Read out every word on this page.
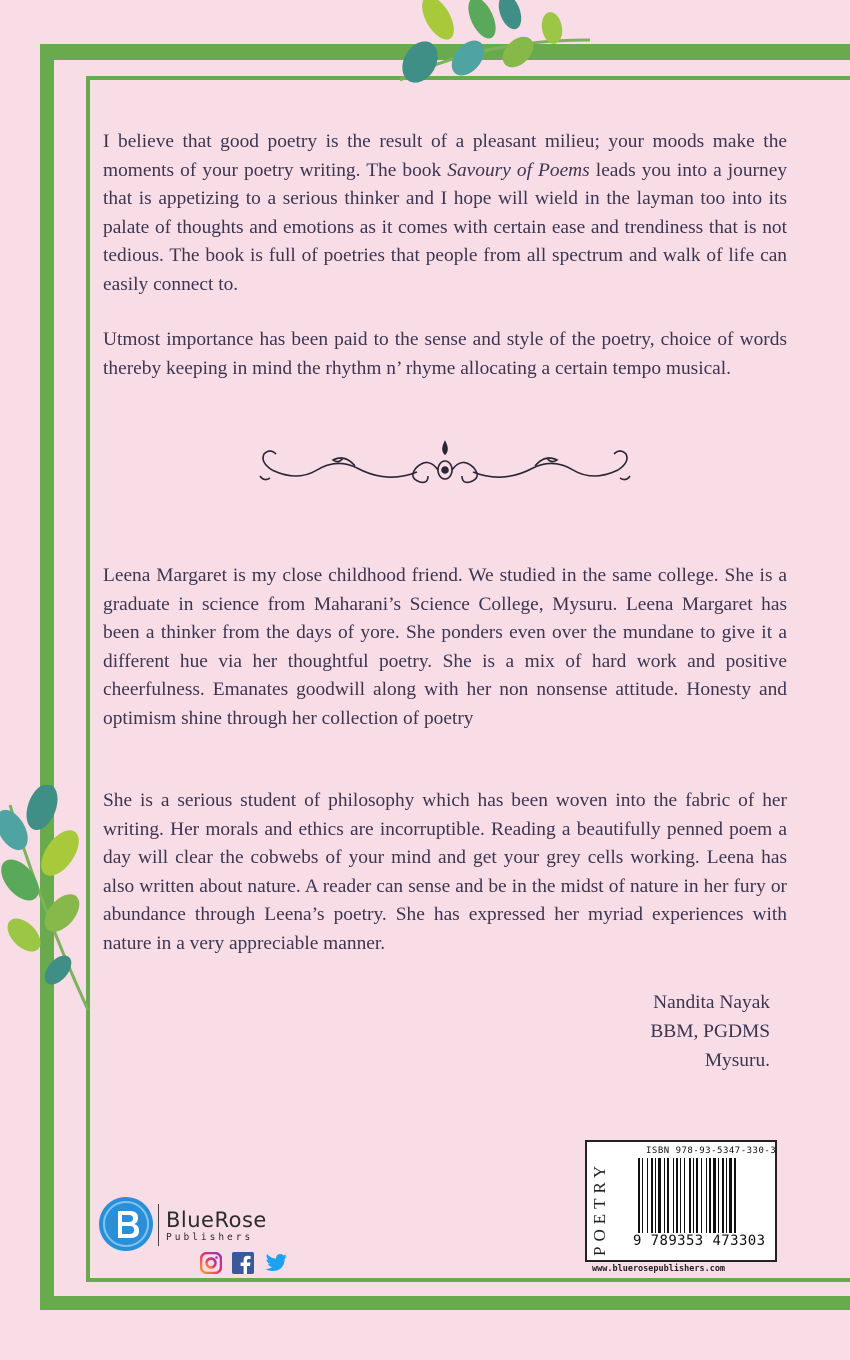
I believe that good poetry is the result of a pleasant milieu; your moods make the moments of your poetry writing. The book Savoury of Poems leads you into a journey that is appetizing to a serious thinker and I hope will wield in the layman too into its palate of thoughts and emotions as it comes with certain ease and trendiness that is not tedious. The book is full of poetries that people from all spectrum and walk of life can easily connect to.

Utmost importance has been paid to the sense and style of the poetry, choice of words thereby keeping in mind the rhythm n’ rhyme allocating a certain tempo musical.

Leena Margaret is my close childhood friend. We studied in the same college. She is a graduate in science from Maharani’s Science College, Mysuru. Leena Margaret has been a thinker from the days of yore. She ponders even over the mundane to give it a different hue via her thoughtful poetry. She is a mix of hard work and positive cheerfulness. Emanates goodwill along with her non nonsense attitude. Honesty and optimism shine through her collection of poetry

She is a serious student of philosophy which has been woven into the fabric of her writing. Her morals and ethics are incorruptible. Reading a beautifully penned poem a day will clear the cobwebs of your mind and get your grey cells working. Leena has also written about nature. A reader can sense and be in the midst of nature in her fury or abundance through Leena’s poetry. She has expressed her myriad experiences with nature in a very appreciable manner.

Nandita Nayak
BBM, PGDMS
Mysuru.
BlueRose
Publishers	POETRY
ISBN 978-93-5347-330-3
9 789353 473303
www.bluerosepublishers.com
